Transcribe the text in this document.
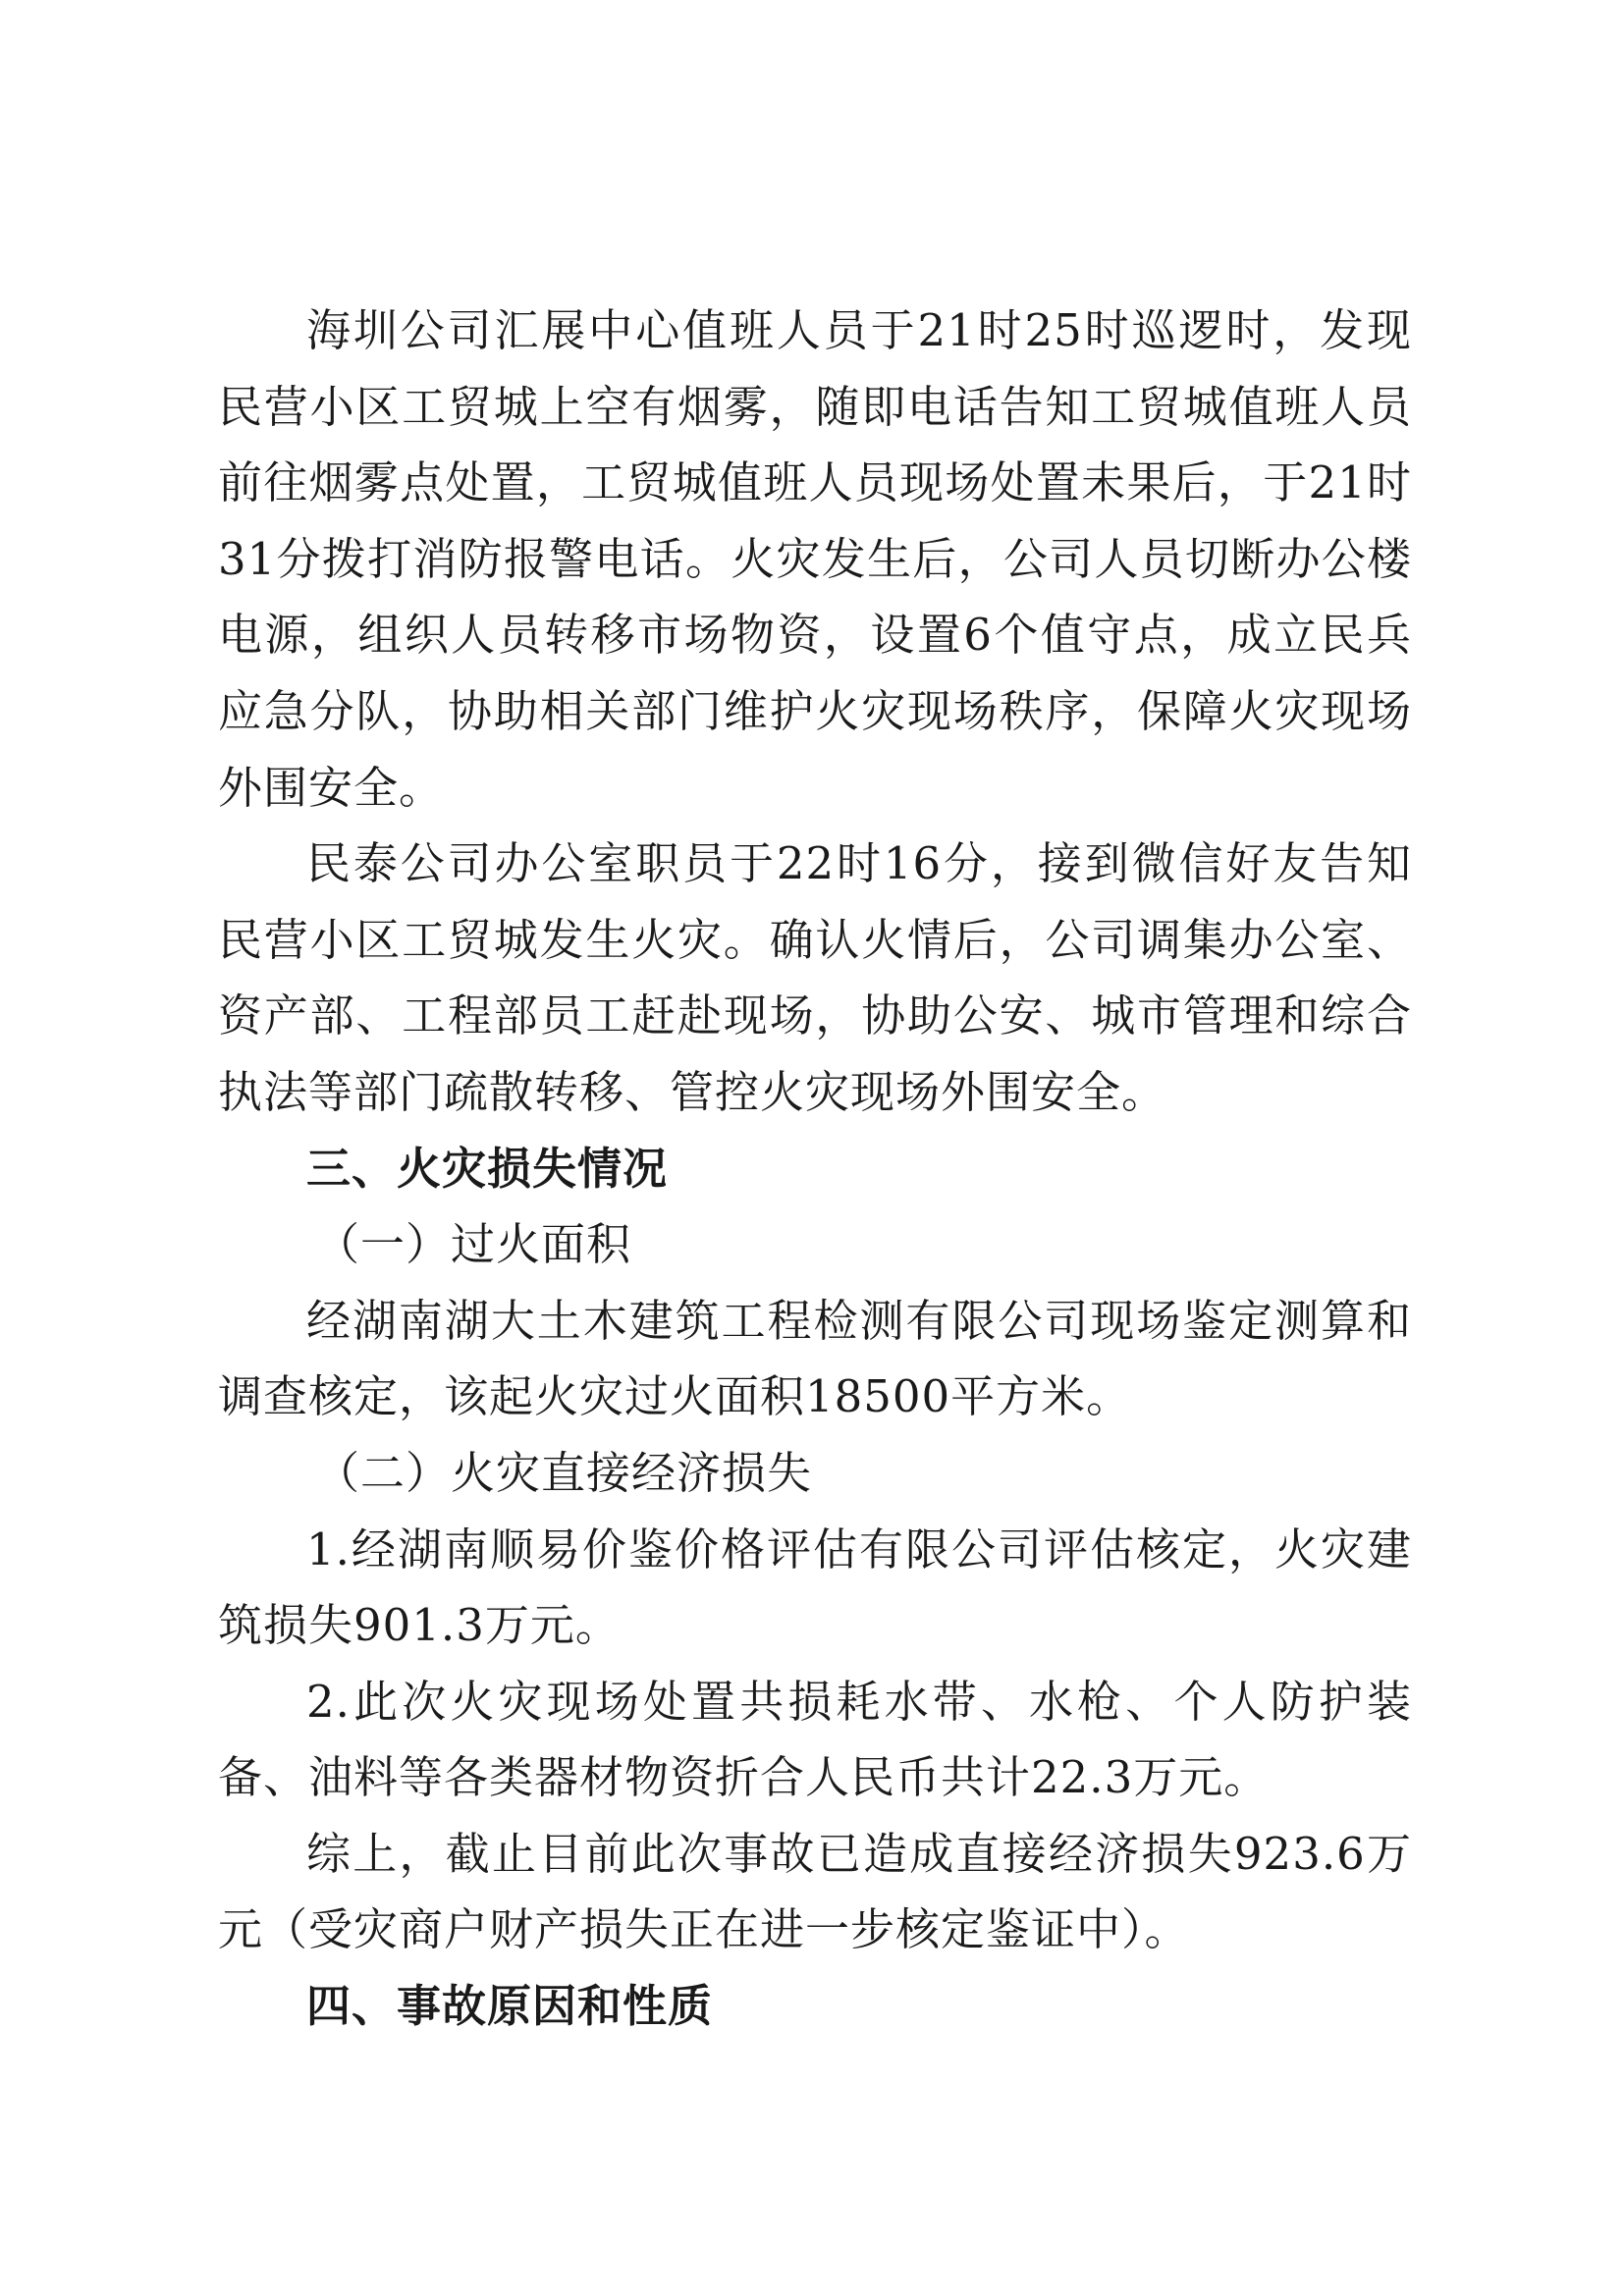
海圳公司汇展中心值班人员于21时25时巡逻时，发现民营小区工贸城上空有烟雾，随即电话告知工贸城值班人员前往烟雾点处置，工贸城值班人员现场处置未果后，于21时31分拨打消防报警电话。火灾发生后，公司人员切断办公楼电源，组织人员转移市场物资，设置6个值守点，成立民兵应急分队，协助相关部门维护火灾现场秩序，保障火灾现场外围安全。

民泰公司办公室职员于22时16分，接到微信好友告知民营小区工贸城发生火灾。确认火情后，公司调集办公室、资产部、工程部员工赶赴现场，协助公安、城市管理和综合执法等部门疏散转移、管控火灾现场外围安全。

三、火灾损失情况

（一）过火面积

经湖南湖大土木建筑工程检测有限公司现场鉴定测算和调查核定，该起火灾过火面积18500平方米。

（二）火灾直接经济损失

1.经湖南顺易价鉴价格评估有限公司评估核定，火灾建筑损失901.3万元。

2.此次火灾现场处置共损耗水带、水枪、个人防护装备、油料等各类器材物资折合人民币共计22.3万元。

综上，截止目前此次事故已造成直接经济损失923.6万元（受灾商户财产损失正在进一步核定鉴证中）。

四、事故原因和性质
